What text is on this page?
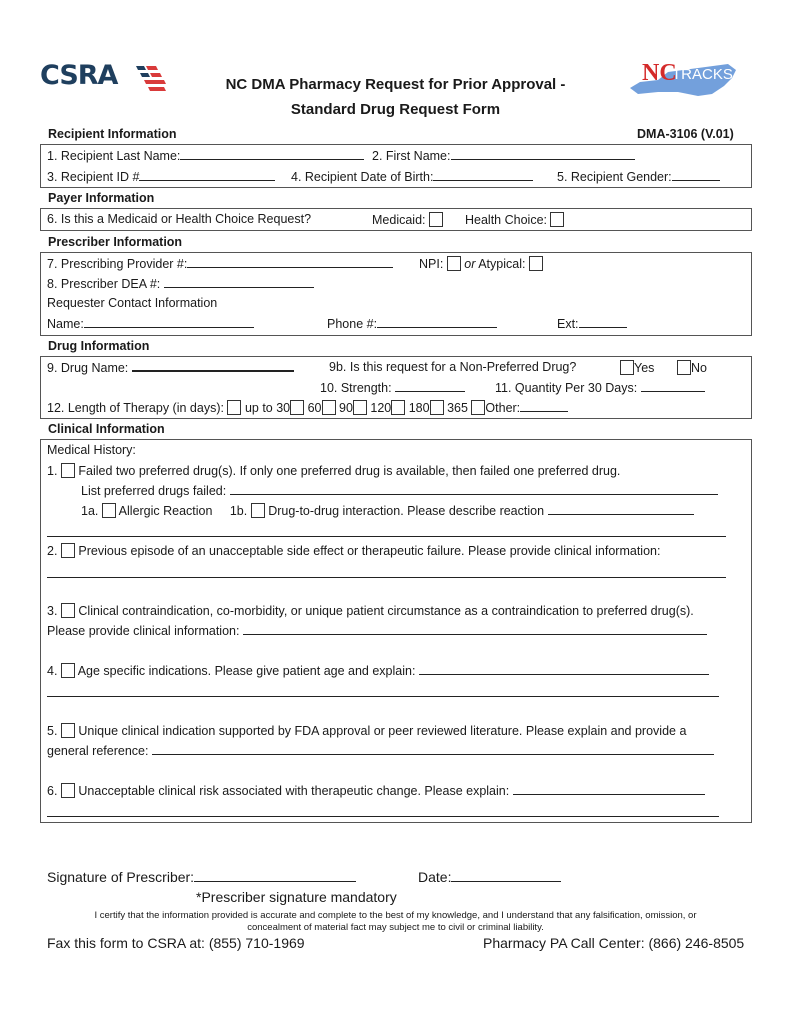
CSRA	NC
TRACKS
NC DMA Pharmacy Request for Prior Approval -
Standard Drug Request Form
Recipient Information	DMA-3106 (V.01)
1. Recipient Last Name:	2. First Name:
3. Recipient ID #	4. Recipient Date of Birth:	5. Recipient Gender:
Payer Information
6. Is this a Medicaid or Health Choice Request?	Medicaid:	Health Choice:
Prescriber Information
7. Prescribing Provider #:	NPI: or Atypical:
8. Prescriber DEA #:
Requester Contact Information
Name:	Phone #:	Ext:
Drug Information
9. Drug Name:	9b. Is this request for a Non-Preferred Drug?	Yes	No
10. Strength:	11. Quantity Per 30 Days:
12. Length of Therapy (in days): up to 30 60 90 120 180 365 Other:
Clinical Information
Medical History:
1. Failed two preferred drug(s). If only one preferred drug is available, then failed one preferred drug.
List preferred drugs failed:
1a. Allergic Reaction 1b. Drug-to-drug interaction. Please describe reaction
2. Previous episode of an unacceptable side effect or therapeutic failure. Please provide clinical information:
3. Clinical contraindication, co-morbidity, or unique patient circumstance as a contraindication to preferred drug(s).
Please provide clinical information:
4. Age specific indications. Please give patient age and explain:
5. Unique clinical indication supported by FDA approval or peer reviewed literature. Please explain and provide a
general reference:
6. Unacceptable clinical risk associated with therapeutic change. Please explain:
Signature of Prescriber:	Date:
*Prescriber signature mandatory
I certify that the information provided is accurate and complete to the best of my knowledge, and I understand that any falsification, omission, or
concealment of material fact may subject me to civil or criminal liability.
Fax this form to CSRA at: (855) 710-1969	Pharmacy PA Call Center: (866) 246-8505
